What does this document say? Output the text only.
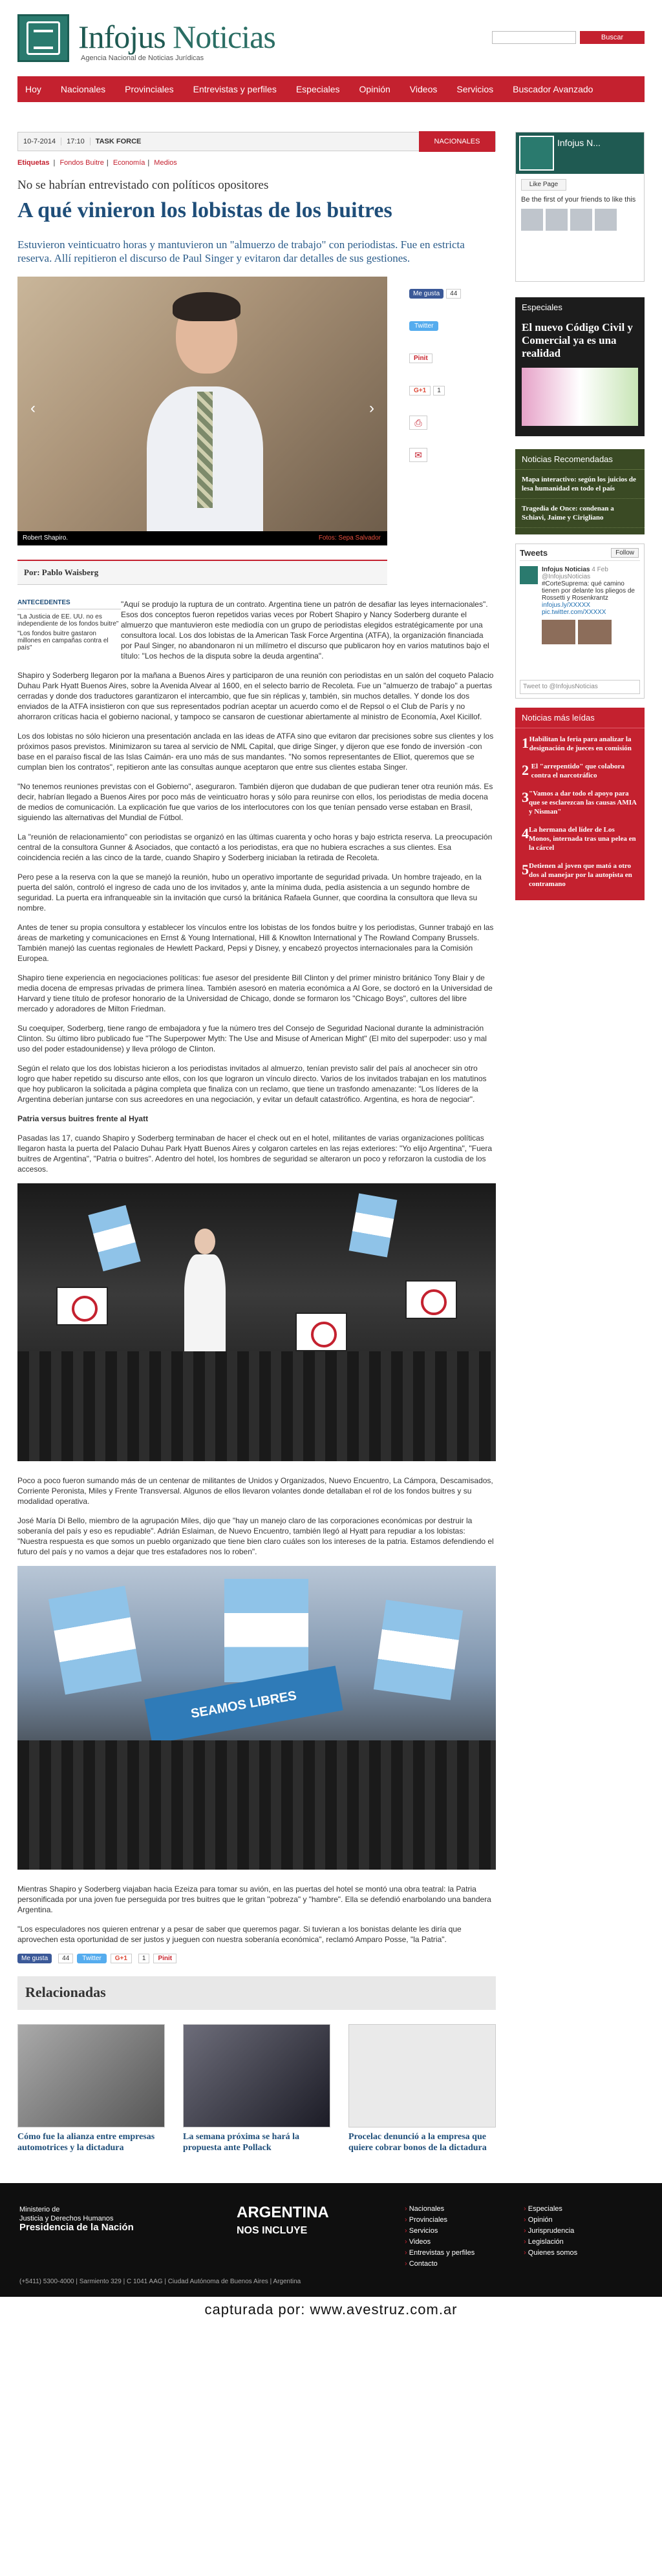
Infojus Noticias
Agencia Nacional de Noticias Jurídicas
Buscar
Hoy Nacionales Provinciales Entrevistas y perfiles Especiales Opinión Videos Servicios Buscador Avanzado
10-7-2014	17:10	TASK FORCE	NACIONALES
Etiquetas | Fondos Buitre | Economía | Medios
No se habrían entrevistado con políticos opositores
A qué vinieron los lobistas de los buitres
Estuvieron veinticuatro horas y mantuvieron un "almuerzo de trabajo" con periodistas. Fue en estricta reserva. Allí repitieron el discurso de Paul Singer y evitaron dar detalles de sus gestiones.
‹	›
Robert Shapiro.	Fotos: Sepa Salvador
Me gusta	44
Twitter
Pinit
G+1	1
⎙
✉
Por: Pablo Waisberg
ANTECEDENTES
"La Justicia de EE. UU. no es independiente de los fondos buitre"
"Los fondos buitre gastaron millones en campañas contra el país"

"Aquí se produjo la ruptura de un contrato. Argentina tiene un patrón de desafiar las leyes internacionales". Esos dos conceptos fueron repetidos varias veces por Robert Shapiro y Nancy Soderberg durante el almuerzo que mantuvieron este mediodía con un grupo de periodistas elegidos estratégicamente por una consultora local. Los dos lobistas de la American Task Force Argentina (ATFA), la organización financiada por Paul Singer, no abandonaron ni un milímetro el discurso que publicaron hoy en varios matutinos bajo el título: "Los hechos de la disputa sobre la deuda argentina".

Shapiro y Soderberg llegaron por la mañana a Buenos Aires y participaron de una reunión con periodistas en un salón del coqueto Palacio Duhau Park Hyatt Buenos Aires, sobre la Avenida Alvear al 1600, en el selecto barrio de Recoleta. Fue un "almuerzo de trabajo" a puertas cerradas y donde dos traductores garantizaron el intercambio, que fue sin réplicas y, también, sin muchos detalles. Y donde los dos enviados de la ATFA insistieron con que sus representados podrían aceptar un acuerdo como el de Repsol o el Club de París y no ahorraron críticas hacia el gobierno nacional, y tampoco se cansaron de cuestionar abiertamente al ministro de Economía, Axel Kicillof.

Los dos lobistas no sólo hicieron una presentación anclada en las ideas de ATFA sino que evitaron dar precisiones sobre sus clientes y los próximos pasos previstos. Minimizaron su tarea al servicio de NML Capital, que dirige Singer, y dijeron que ese fondo de inversión -con base en el paraíso fiscal de las Islas Caimán- era uno más de sus mandantes. "No somos representantes de Elliot, queremos que se cumplan bien los contratos", repitieron ante las consultas aunque aceptaron que entre sus clientes estaba Singer.

"No tenemos reuniones previstas con el Gobierno", aseguraron. También dijeron que dudaban de que pudieran tener otra reunión más. Es decir, habrían llegado a Buenos Aires por poco más de veinticuatro horas y sólo para reunirse con ellos, los periodistas de media docena de medios de comunicación. La explicación fue que varios de los interlocutores con los que tenían pensado verse estaban en Brasil, siguiendo las alternativas del Mundial de Fútbol.

La "reunión de relacionamiento" con periodistas se organizó en las últimas cuarenta y ocho horas y bajo estricta reserva. La preocupación central de la consultora Gunner & Asociados, que contactó a los periodistas, era que no hubiera escraches a sus clientes. Esa coincidencia recién a las cinco de la tarde, cuando Shapiro y Soderberg iniciaban la retirada de Recoleta.

Pero pese a la reserva con la que se manejó la reunión, hubo un operativo importante de seguridad privada. Un hombre trajeado, en la puerta del salón, controló el ingreso de cada uno de los invitados y, ante la mínima duda, pedía asistencia a un segundo hombre de seguridad. La puerta era infranqueable sin la invitación que cursó la británica Rafaela Gunner, que coordina la consultora que lleva su nombre.

Antes de tener su propia consultora y establecer los vínculos entre los lobistas de los fondos buitre y los periodistas, Gunner trabajó en las áreas de marketing y comunicaciones en Ernst & Young International, Hill & Knowlton International y The Rowland Company Brussels. También manejó las cuentas regionales de Hewlett Packard, Pepsi y Disney, y encabezó proyectos internacionales para la Comisión Europea.

Shapiro tiene experiencia en negociaciones políticas: fue asesor del presidente Bill Clinton y del primer ministro británico Tony Blair y de media docena de empresas privadas de primera línea. También asesoró en materia económica a Al Gore, se doctoró en la Universidad de Harvard y tiene título de profesor honorario de la Universidad de Chicago, donde se formaron los "Chicago Boys", cultores del libre mercado y adoradores de Milton Friedman.

Su coequiper, Soderberg, tiene rango de embajadora y fue la número tres del Consejo de Seguridad Nacional durante la administración Clinton. Su último libro publicado fue "The Superpower Myth: The Use and Misuse of American Might" (El mito del superpoder: uso y mal uso del poder estadounidense) y lleva prólogo de Clinton.

Según el relato que los dos lobistas hicieron a los periodistas invitados al almuerzo, tenían previsto salir del país al anochecer sin otro logro que haber repetido su discurso ante ellos, con los que lograron un vínculo directo. Varios de los invitados trabajan en los matutinos que hoy publicaron la solicitada a página completa que finaliza con un reclamo, que tiene un trasfondo amenazante: "Los líderes de la Argentina deberían juntarse con sus acreedores en una negociación, y evitar un default catastrófico. Argentina, es hora de negociar".

Patria versus buitres frente al Hyatt

Pasadas las 17, cuando Shapiro y Soderberg terminaban de hacer el check out en el hotel, militantes de varias organizaciones políticas llegaron hasta la puerta del Palacio Duhau Park Hyatt Buenos Aires y colgaron carteles en las rejas exteriores: "Yo elijo Argentina", "Fuera buitres de Argentina", "Patria o buitres". Adentro del hotel, los hombres de seguridad se alteraron un poco y reforzaron la custodia de los accesos.

Poco a poco fueron sumando más de un centenar de militantes de Unidos y Organizados, Nuevo Encuentro, La Cámpora, Descamisados, Corriente Peronista, Miles y Frente Transversal. Algunos de ellos llevaron volantes donde detallaban el rol de los fondos buitres y su modalidad operativa.

José María Di Bello, miembro de la agrupación Miles, dijo que "hay un manejo claro de las corporaciones económicas por destruir la soberanía del país y eso es repudiable". Adrián Eslaiman, de Nuevo Encuentro, también llegó al Hyatt para repudiar a los lobistas: "Nuestra respuesta es que somos un pueblo organizado que tiene bien claro cuáles son los intereses de la patria. Estamos defendiendo el futuro del país y no vamos a dejar que tres estafadores nos lo roben".

SEAMOS LIBRES

Mientras Shapiro y Soderberg viajaban hacia Ezeiza para tomar su avión, en las puertas del hotel se montó una obra teatral: la Patria personificada por una joven fue perseguida por tres buitres que le gritan "pobreza" y "hambre". Ella se defendió enarbolando una bandera Argentina.

"Los especuladores nos quieren entrenar y a pesar de saber que queremos pagar. Si tuvieran a los bonistas delante les diría que aprovechen esta oportunidad de ser justos y jueguen con nuestra soberanía económica", reclamó Amparo Posse, "la Patria".

Me gusta	44	Twitter	G+1	1	Pinit
Relacionadas
Cómo fue la alianza entre empresas automotrices y la dictadura
La semana próxima se hará la propuesta ante Pollack
Procelac denunció a la empresa que quiere cobrar bonos de la dictadura
Infojus N...
Like Page
Be the first of your friends to like this
Especiales
El nuevo Código Civil y Comercial ya es una realidad
Noticias Recomendadas
Mapa interactivo: según los juicios de lesa humanidad en todo el país
Tragedia de Once: condenan a Schiavi, Jaime y Cirigliano
Tweets	Follow
Infojus Noticias 4 Feb
@InfojusNoticias
#CorteSuprema: qué camino tienen por delante los pliegos de Rossetti y Rosenkrantz
infojus.ly/XXXXX pic.twitter.com/XXXXX
Tweet to @InfojusNoticias
Noticias más leídas
1 Habilitan la feria para analizar la designación de jueces en comisión
2 El "arrepentido" que colabora contra el narcotráfico
3 "Vamos a dar todo el apoyo para que se esclarezcan las causas AMIA y Nisman"
4 La hermana del líder de Los Monos, internada tras una pelea en la cárcel
5 Detienen al joven que mató a otro dos al manejar por la autopista en contramano
Ministerio de
Justicia y Derechos Humanos
Presidencia de la Nación
ARGENTINA
NOS INCLUYE
› Nacionales
› Provinciales
› Servicios
› Videos
› Entrevistas y perfiles
› Contacto
› Especiales
› Opinión
› Jurisprudencia
› Legislación
› Quienes somos
(+5411) 5300-4000 | Sarmiento 329 | C 1041 AAG | Ciudad Autónoma de Buenos Aires | Argentina
capturada por: www.avestruz.com.ar
